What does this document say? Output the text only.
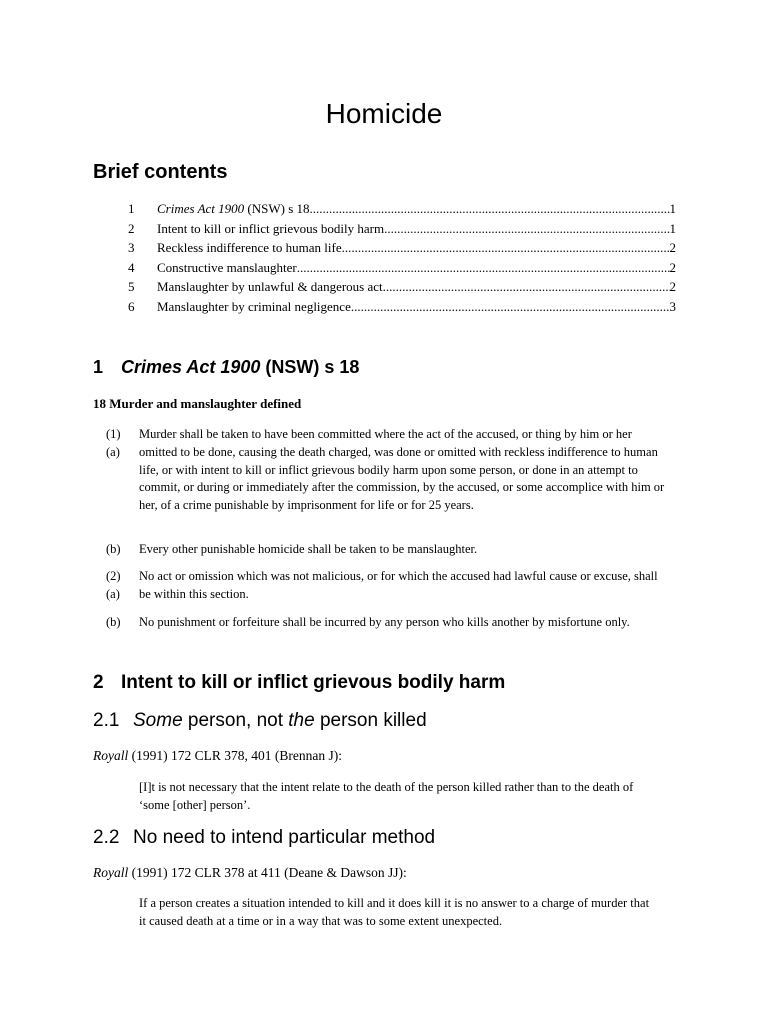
Homicide
Brief contents
1	Crimes Act 1900 (NSW) s 18 .....	1
2	Intent to kill or inflict grievous bodily harm .....	1
3	Reckless indifference to human life .....	2
4	Constructive manslaughter .....	2
5	Manslaughter by unlawful & dangerous act .....	2
6	Manslaughter by criminal negligence .....	3
1 Crimes Act 1900 (NSW) s 18
18 Murder and manslaughter defined
(1)
(a)
Murder shall be taken to have been committed where the act of the accused, or thing by him or her omitted to be done, causing the death charged, was done or omitted with reckless indifference to human life, or with intent to kill or inflict grievous bodily harm upon some person, or done in an attempt to commit, or during or immediately after the commission, by the accused, or some accomplice with him or her, of a crime punishable by imprisonment for life or for 25 years.
(b)	Every other punishable homicide shall be taken to be manslaughter.
(2)
(a)
No act or omission which was not malicious, or for which the accused had lawful cause or excuse, shall be within this section.
(b)	No punishment or forfeiture shall be incurred by any person who kills another by misfortune only.
2 Intent to kill or inflict grievous bodily harm
2.1 Some person, not the person killed
Royall (1991) 172 CLR 378, 401 (Brennan J):
[I]t is not necessary that the intent relate to the death of the person killed rather than to the death of ‘some [other] person’.
2.2 No need to intend particular method
Royall (1991) 172 CLR 378 at 411 (Deane & Dawson JJ):
If a person creates a situation intended to kill and it does kill it is no answer to a charge of murder that it caused death at a time or in a way that was to some extent unexpected.
